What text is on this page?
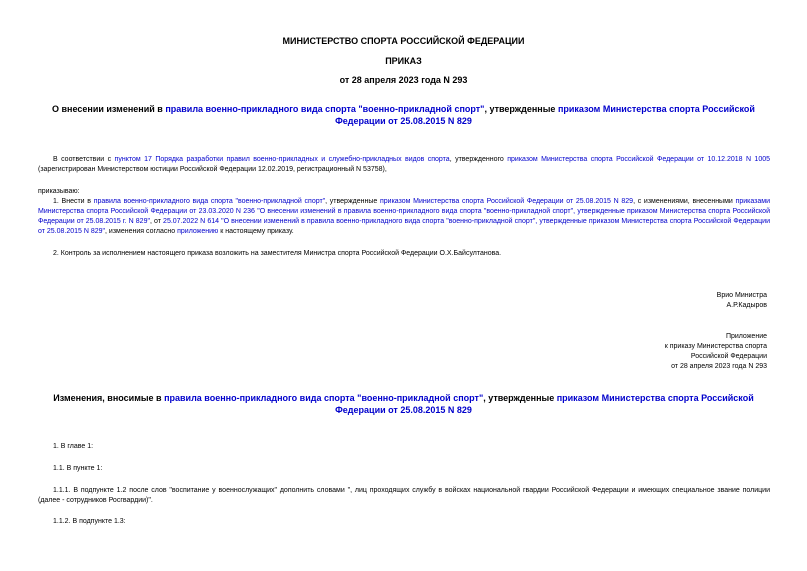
МИНИСТЕРСТВО СПОРТА РОССИЙСКОЙ ФЕДЕРАЦИИ
ПРИКАЗ
от 28 апреля 2023 года N 293
О внесении изменений в правила военно-прикладного вида спорта "военно-прикладной спорт", утвержденные приказом Министерства спорта Российской Федерации от 25.08.2015 N 829
В соответствии с пунктом 17 Порядка разработки правил военно-прикладных и служебно-прикладных видов спорта, утвержденного приказом Министерства спорта Российской Федерации от 10.12.2018 N 1005 (зарегистрирован Министерством юстиции Российской Федерации 12.02.2019, регистрационный N 53758),
приказываю:
1. Внести в правила военно-прикладного вида спорта "военно-прикладной спорт", утвержденные приказом Министерства спорта Российской Федерации от 25.08.2015 N 829, с изменениями, внесенными приказами Министерства спорта Российской Федерации от 23.03.2020 N 236 "О внесении изменений в правила военно-прикладного вида спорта "военно-прикладной спорт", утвержденные приказом Министерства спорта Российской Федерации от 25.08.2015 г. N 829", от 25.07.2022 N 614 "О внесении изменений в правила военно-прикладного вида спорта "военно-прикладной спорт", утвержденные приказом Министерства спорта Российской Федерации от 25.08.2015 N 829", изменения согласно приложению к настоящему приказу.
2. Контроль за исполнением настоящего приказа возложить на заместителя Министра спорта Российской Федерации О.Х.Байсултанова.
Врио Министра
А.Р.Кадыров
Приложение
к приказу Министерства спорта
Российской Федерации
от 28 апреля 2023 года N 293
Изменения, вносимые в правила военно-прикладного вида спорта "военно-прикладной спорт", утвержденные приказом Министерства спорта Российской Федерации от 25.08.2015 N 829
1. В главе 1:
1.1. В пункте 1:
1.1.1. В подпункте 1.2 после слов "воспитание у военнослужащих" дополнить словами ", лиц проходящих службу в войсках национальной гвардии Российской Федерации и имеющих специальное звание полиции (далее - сотрудников Росгвардии)".
1.1.2. В подпункте 1.3:
